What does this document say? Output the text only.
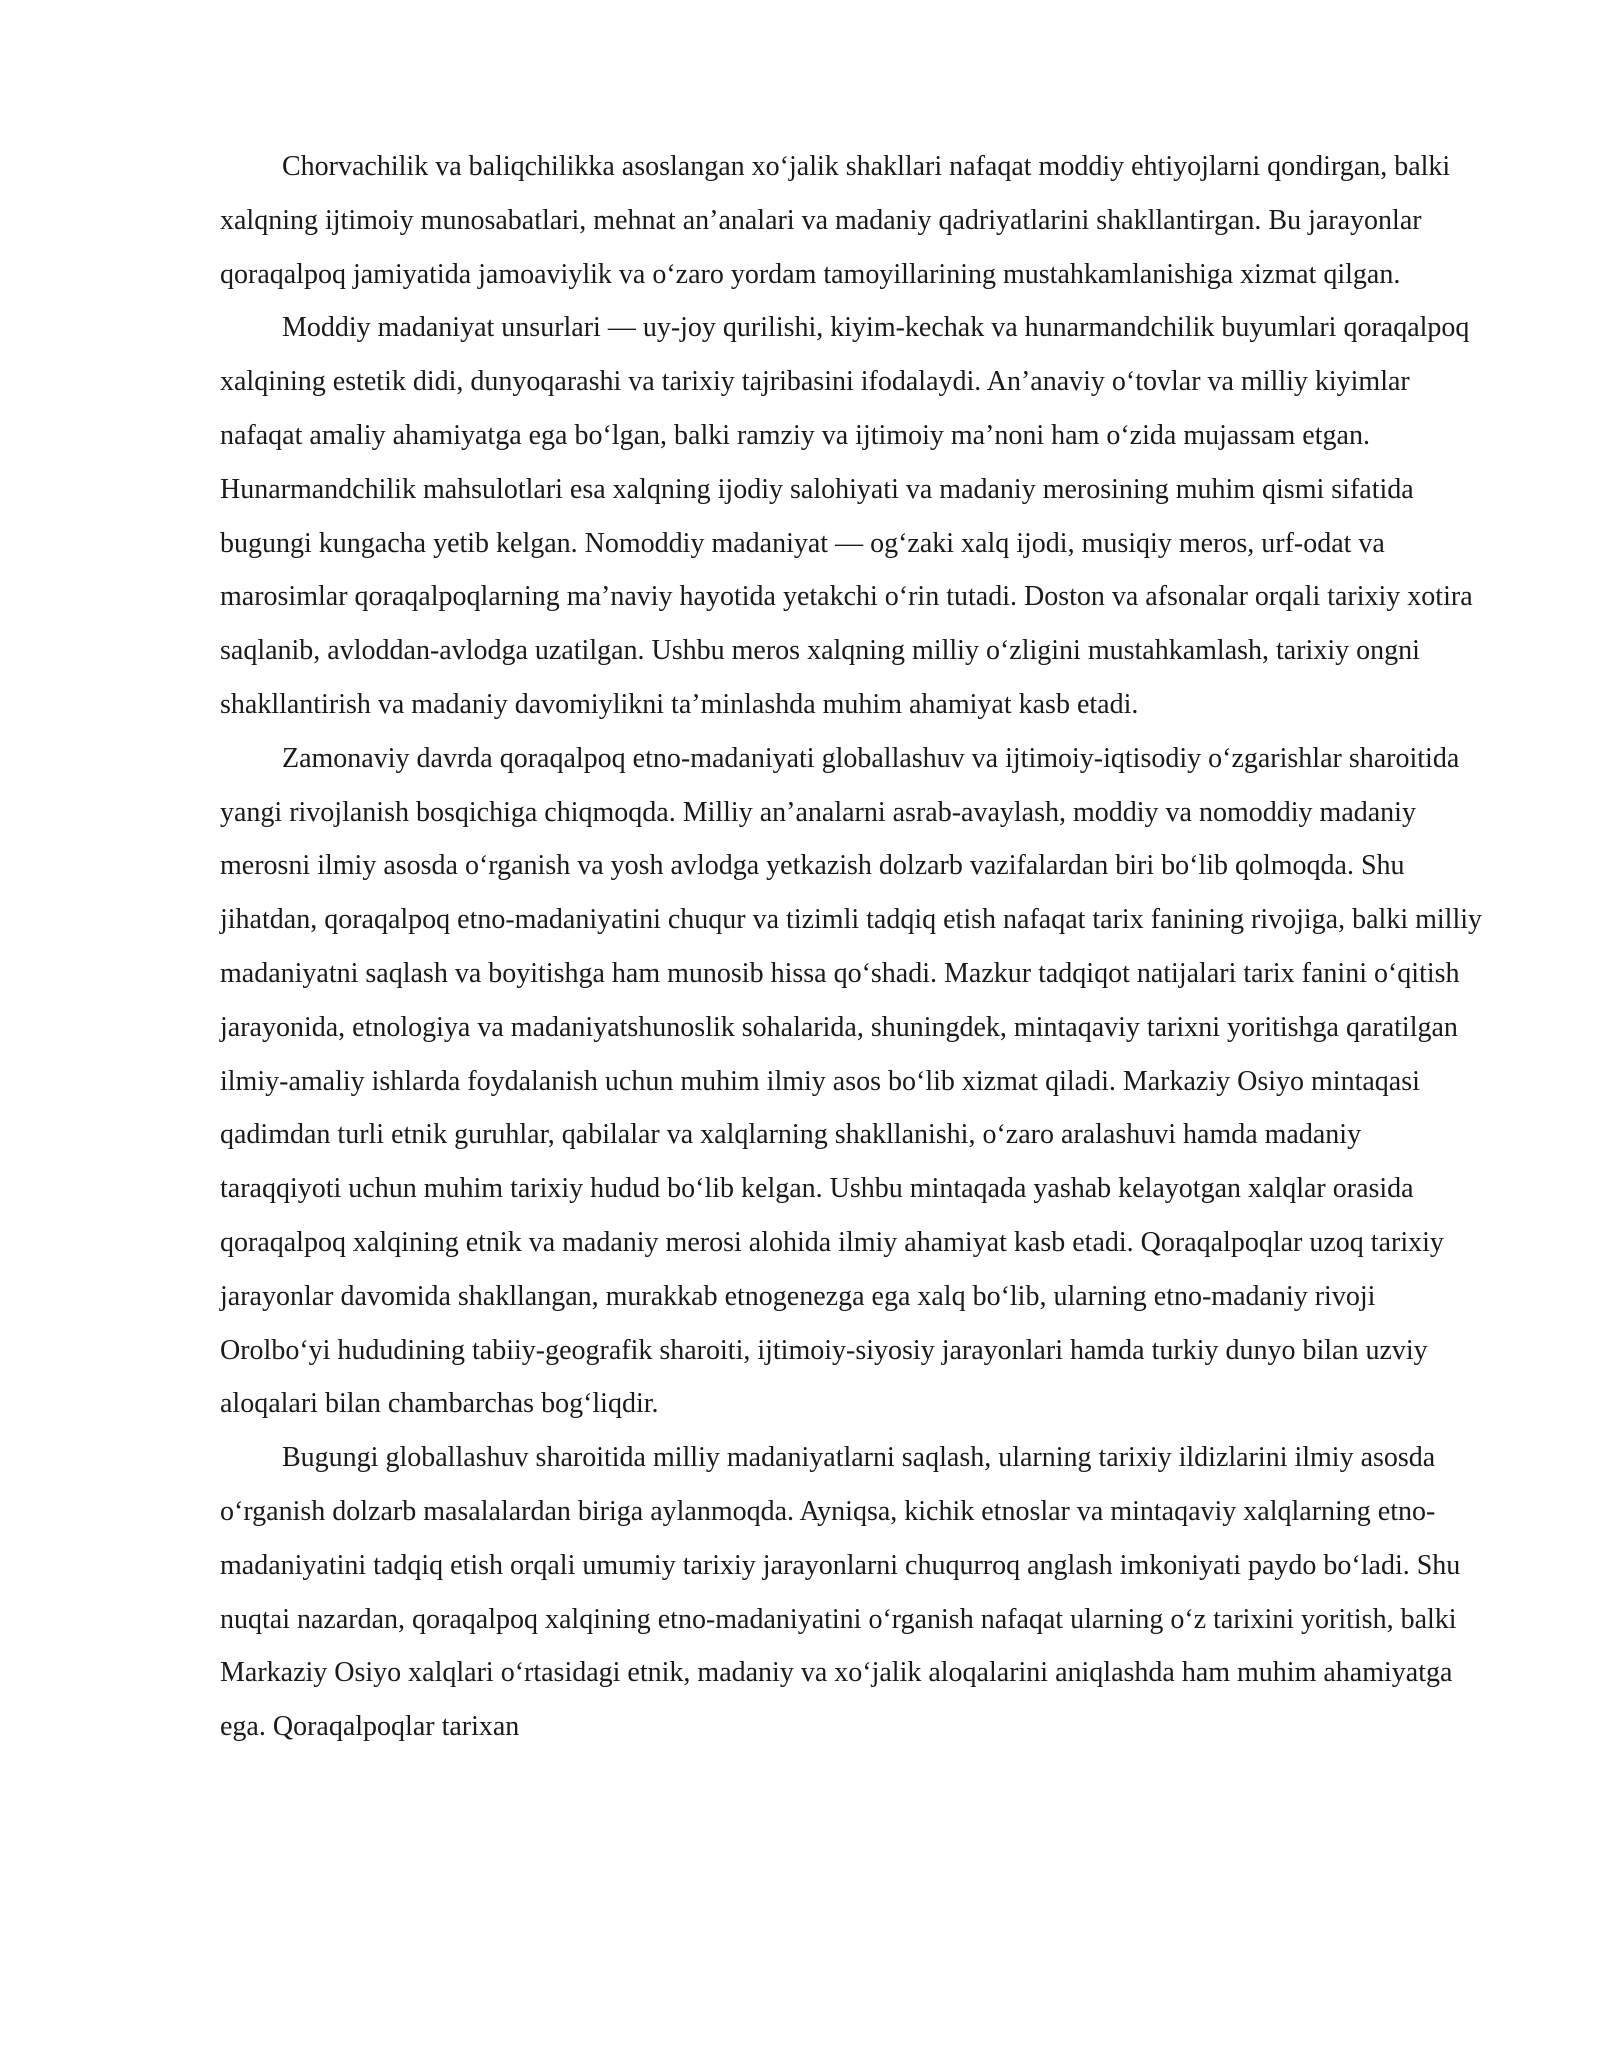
Chorvachilik va baliqchilikka asoslangan xo‘jalik shakllari nafaqat moddiy ehtiyojlarni qondirgan, balki xalqning ijtimoiy munosabatlari, mehnat an’analari va madaniy qadriyatlarini shakllantirgan. Bu jarayonlar qoraqalpoq jamiyatida jamoaviylik va o‘zaro yordam tamoyillarining mustahkamlanishiga xizmat qilgan.

Moddiy madaniyat unsurlari — uy-joy qurilishi, kiyim-kechak va hunarmandchilik buyumlari qoraqalpoq xalqining estetik didi, dunyoqarashi va tarixiy tajribasini ifodalaydi. An’anaviy o‘tovlar va milliy kiyimlar nafaqat amaliy ahamiyatga ega bo‘lgan, balki ramziy va ijtimoiy ma’noni ham o‘zida mujassam etgan. Hunarmandchilik mahsulotlari esa xalqning ijodiy salohiyati va madaniy merosining muhim qismi sifatida bugungi kungacha yetib kelgan. Nomoddiy madaniyat — og‘zaki xalq ijodi, musiqiy meros, urf-odat va marosimlar qoraqalpoqlarning ma’naviy hayotida yetakchi o‘rin tutadi. Doston va afsonalar orqali tarixiy xotira saqlanib, avloddan-avlodga uzatilgan. Ushbu meros xalqning milliy o‘zligini mustahkamlash, tarixiy ongni shakllantirish va madaniy davomiylikni ta’minlashda muhim ahamiyat kasb etadi.

Zamonaviy davrda qoraqalpoq etno-madaniyati globallashuv va ijtimoiy-iqtisodiy o‘zgarishlar sharoitida yangi rivojlanish bosqichiga chiqmoqda. Milliy an’analarni asrab-avaylash, moddiy va nomoddiy madaniy merosni ilmiy asosda o‘rganish va yosh avlodga yetkazish dolzarb vazifalardan biri bo‘lib qolmoqda. Shu jihatdan, qoraqalpoq etno-madaniyatini chuqur va tizimli tadqiq etish nafaqat tarix fanining rivojiga, balki milliy madaniyatni saqlash va boyitishga ham munosib hissa qo‘shadi. Mazkur tadqiqot natijalari tarix fanini o‘qitish jarayonida, etnologiya va madaniyatshunoslik sohalarida, shuningdek, mintaqaviy tarixni yoritishga qaratilgan ilmiy-amaliy ishlarda foydalanish uchun muhim ilmiy asos bo‘lib xizmat qiladi. Markaziy Osiyo mintaqasi qadimdan turli etnik guruhlar, qabilalar va xalqlarning shakllanishi, o‘zaro aralashuvi hamda madaniy taraqqiyoti uchun muhim tarixiy hudud bo‘lib kelgan. Ushbu mintaqada yashab kelayotgan xalqlar orasida qoraqalpoq xalqining etnik va madaniy merosi alohida ilmiy ahamiyat kasb etadi. Qoraqalpoqlar uzoq tarixiy jarayonlar davomida shakllangan, murakkab etnogenezga ega xalq bo‘lib, ularning etno-madaniy rivoji Orolbo‘yi hududining tabiiy-geografik sharoiti, ijtimoiy-siyosiy jarayonlari hamda turkiy dunyo bilan uzviy aloqalari bilan chambarchas bog‘liqdir.

Bugungi globallashuv sharoitida milliy madaniyatlarni saqlash, ularning tarixiy ildizlarini ilmiy asosda o‘rganish dolzarb masalalardan biriga aylanmoqda. Ayniqsa, kichik etnoslar va mintaqaviy xalqlarning etno-madaniyatini tadqiq etish orqali umumiy tarixiy jarayonlarni chuqurroq anglash imkoniyati paydo bo‘ladi. Shu nuqtai nazardan, qoraqalpoq xalqining etno-madaniyatini o‘rganish nafaqat ularning o‘z tarixini yoritish, balki Markaziy Osiyo xalqlari o‘rtasidagi etnik, madaniy va xo‘jalik aloqalarini aniqlashda ham muhim ahamiyatga ega. Qoraqalpoqlar tarixan
